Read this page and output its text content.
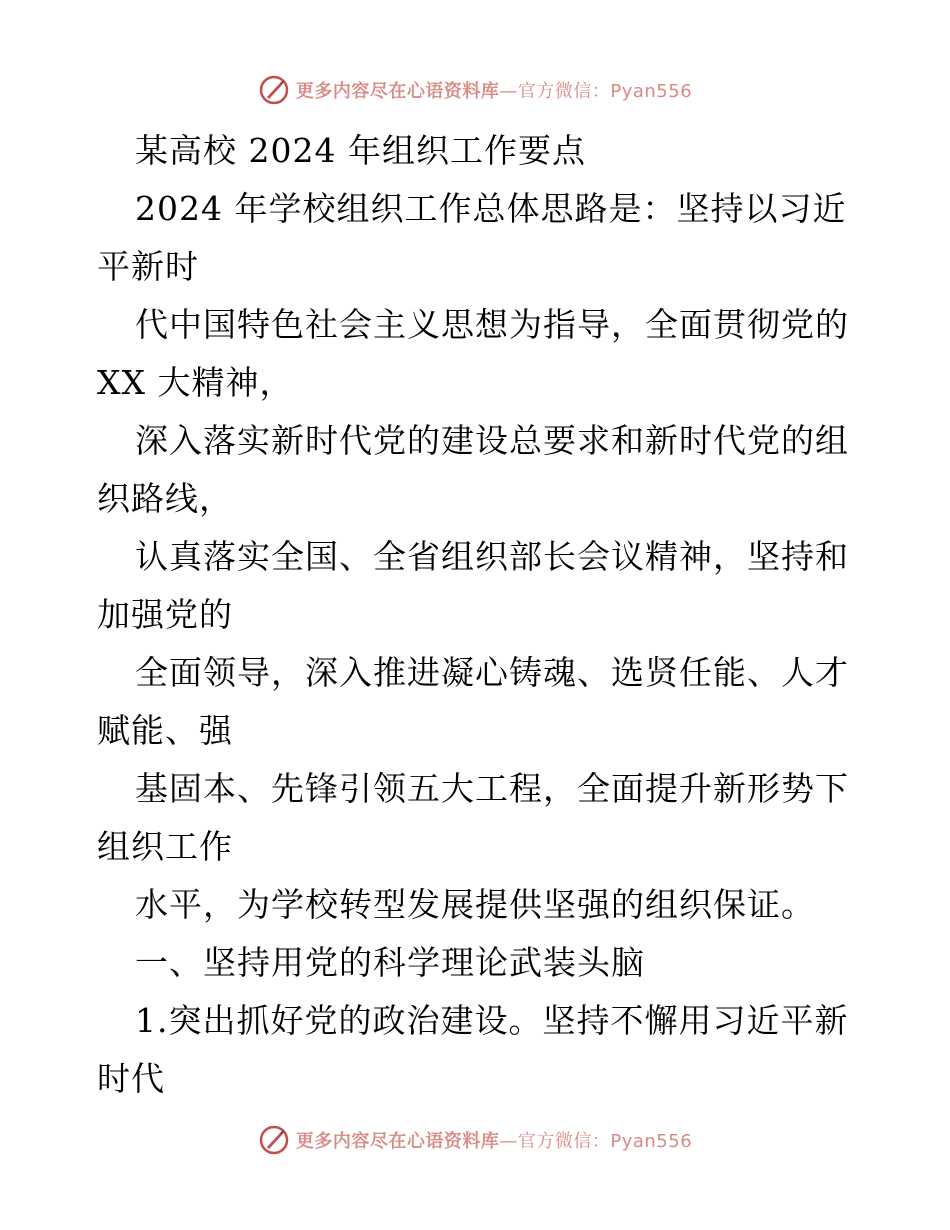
更多内容尽在心语资料库—官方微信：Pyan556
某高校 2024 年组织工作要点
2024 年学校组织工作总体思路是：坚持以习近
平新时
代中国特色社会主义思想为指导，全面贯彻党的
XX 大精神，
深入落实新时代党的建设总要求和新时代党的组
织路线，
认真落实全国、全省组织部长会议精神，坚持和
加强党的
全面领导，深入推进凝心铸魂、选贤任能、人才
赋能、强
基固本、先锋引领五大工程，全面提升新形势下
组织工作
水平，为学校转型发展提供坚强的组织保证。
一、坚持用党的科学理论武装头脑
1.突出抓好党的政治建设。坚持不懈用习近平新
时代
更多内容尽在心语资料库—官方微信：Pyan556
